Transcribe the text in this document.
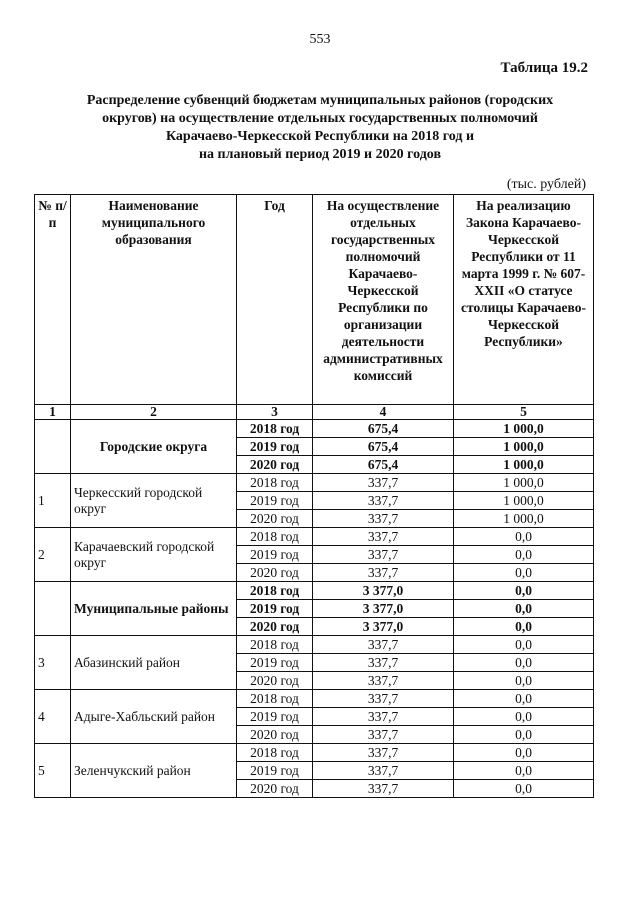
553
Таблица 19.2
Распределение субвенций бюджетам муниципальных районов (городских
округов) на осуществление отдельных государственных полномочий
Карачаево-Черкесской Республики на 2018 год и
на плановый период 2019 и 2020 годов
(тыс. рублей)
№ п/п	Наименование муниципального образования	Год	На осуществление отдельных государственных полномочий Карачаево-Черкесской Республики по организации деятельности административных комиссий	На реализацию Закона Карачаево-Черкесской Республики от 11 марта 1999 г. № 607-XXII «О статусе столицы Карачаево-Черкесской Республики»
1	2	3	4	5
	Городские округа	2018 год	675,4	1 000,0
		2019 год	675,4	1 000,0
		2020 год	675,4	1 000,0
1	Черкесский городской округ	2018 год	337,7	1 000,0
		2019 год	337,7	1 000,0
		2020 год	337,7	1 000,0
2	Карачаевский городской округ	2018 год	337,7	0,0
		2019 год	337,7	0,0
		2020 год	337,7	0,0
	Муниципальные районы	2018 год	3 377,0	0,0
		2019 год	3 377,0	0,0
		2020 год	3 377,0	0,0
3	Абазинский район	2018 год	337,7	0,0
		2019 год	337,7	0,0
		2020 год	337,7	0,0
4	Адыге-Хабльский район	2018 год	337,7	0,0
		2019 год	337,7	0,0
		2020 год	337,7	0,0
5	Зеленчукский район	2018 год	337,7	0,0
		2019 год	337,7	0,0
		2020 год	337,7	0,0
